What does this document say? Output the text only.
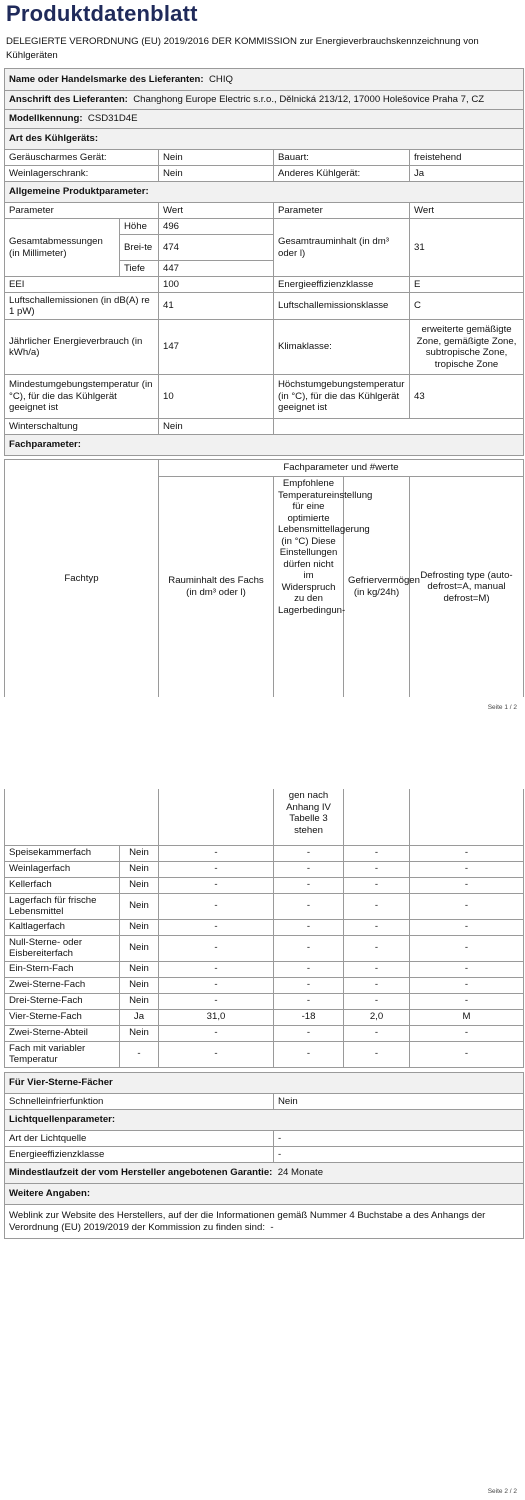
Produktdatenblatt
DELEGIERTE VERORDNUNG (EU) 2019/2016 DER KOMMISSION zur Energieverbrauchskennzeichnung von Kühlgeräten
Name oder Handelsmarke des Lieferanten: CHIQ				
Anschrift des Lieferanten: Changhong Europe Electric s.r.o., Dělnická 213/12, 17000 Holešovice Praha 7, CZ				
Modellkennung: CSD31D4E				
Art des Kühlgeräts:				
Geräuscharmes Gerät:		Nein	Bauart:	freistehend
Weinlagerschrank:		Nein	Anderes Kühlgerät:	Ja
Allgemeine Produktparameter:				
Parameter		Wert	Parameter	Wert
Gesamtabmessungen (in Millimeter)	Höhe	496	Gesamtrauminhalt (in dm³ oder l)	31
	Brei-te	474		
	Tiefe	447		
EEI		100	Energieeffizienzklasse	E
Luftschallemissionen (in dB(A) re 1 pW)		41	Luftschallemissionsklasse	C
Jährlicher Energieverbrauch (in kWh/a)		147	Klimaklasse:	erweiterte gemäßigte Zone, gemäßigte Zone, subtropische Zone, tropische Zone
Mindestumgebungstemperatur (in °C), für die das Kühlgerät geeignet ist		10	Höchstumgebungstemperatur (in °C), für die das Kühlgerät geeignet ist	43
Winterschaltung		Nein		
Fachparameter:				
Fachtyp	Fachparameter und #werte			
	Rauminhalt des Fachs (in dm³ oder l)	Empfohlene Temperatureinstellung für eine optimierte Lebensmittellagerung (in °C) Diese Einstellungen dürfen nicht im Widerspruch zu den Lagerbedingun-	Gefriervermögen (in kg/24h)	Defrosting type (auto-defrost=A, manual defrost=M)
Seite 1 / 2
			gen nach Anhang IV Tabelle 3 stehen		
Speisekammerfach	Nein	-	-	-	-
Weinlagerfach	Nein	-	-	-	-
Kellerfach	Nein	-	-	-	-
Lagerfach für frische Lebensmittel	Nein	-	-	-	-
Kaltlagerfach	Nein	-	-	-	-
Null-Sterne- oder Eisbereiterfach	Nein	-	-	-	-
Ein-Stern-Fach	Nein	-	-	-	-
Zwei-Sterne-Fach	Nein	-	-	-	-
Drei-Sterne-Fach	Nein	-	-	-	-
Vier-Sterne-Fach	Ja	31,0	-18	2,0	M
Zwei-Sterne-Abteil	Nein	-	-	-	-
Fach mit variabler Temperatur	-	-	-	-	-
Für Vier-Sterne-Fächer	
Schnelleinfrierfunktion	Nein
Lichtquellenparameter:	
Art der Lichtquelle	-
Energieeffizienzklasse	-
Mindestlaufzeit der vom Hersteller angebotenen Garantie: 24 Monate	
Weitere Angaben:	
Weblink zur Website des Herstellers, auf der die Informationen gemäß Nummer 4 Buchstabe a des Anhangs der Verordnung (EU) 2019/2019 der Kommission zu finden sind: -	
Seite 2 / 2
